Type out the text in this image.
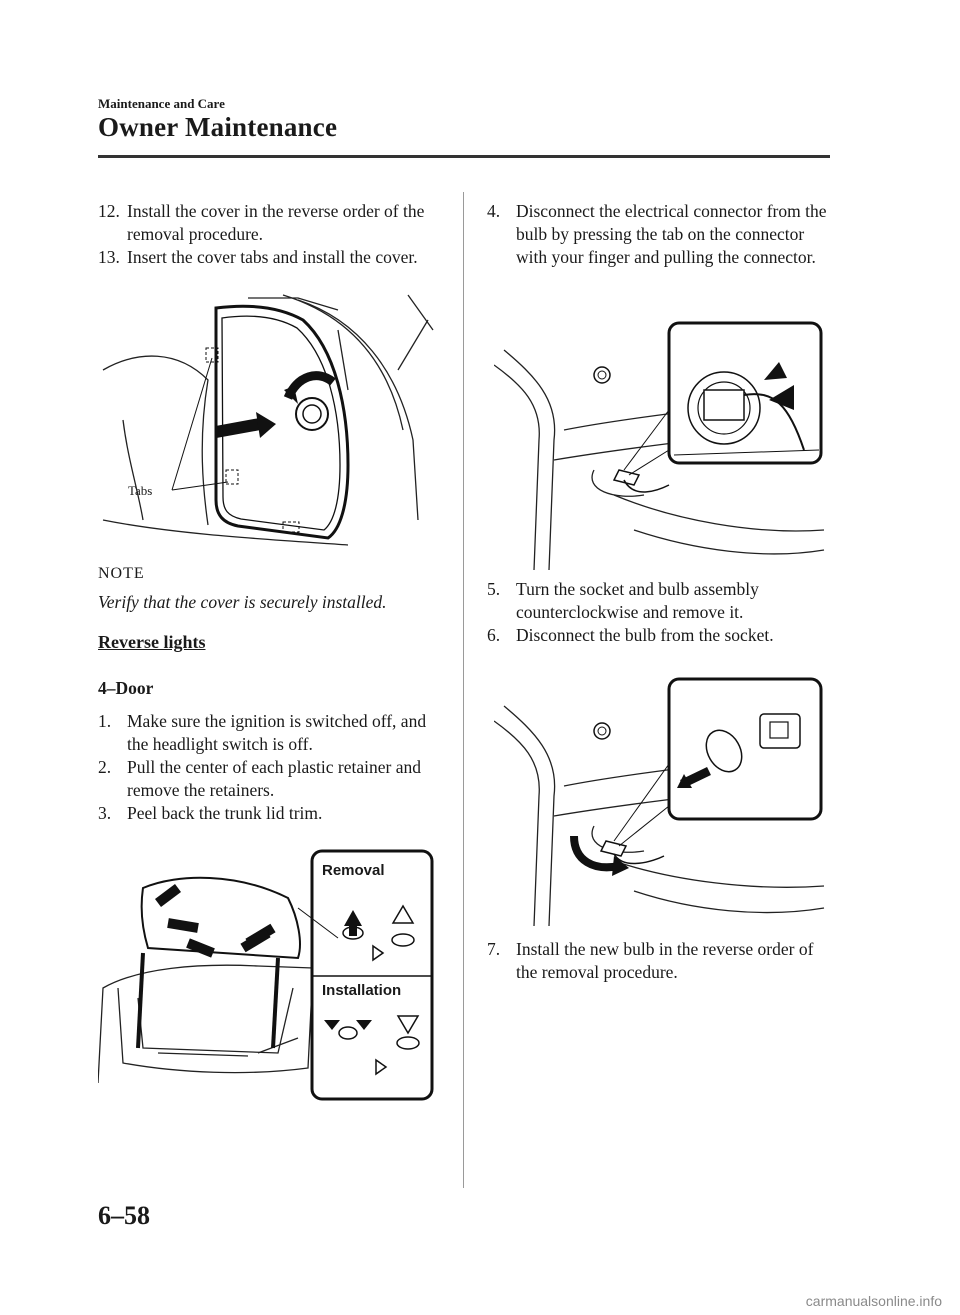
Maintenance and Care
Owner Maintenance

12. Install the cover in the reverse order of the removal procedure.

13. Insert the cover tabs and install the cover.

Tabs

NOTE

Verify that the cover is securely installed.

Reverse lights
4–Door

1. Make sure the ignition is switched off, and the headlight switch is off.

2. Pull the center of each plastic retainer and remove the retainers.

3. Peel back the trunk lid trim.

Removal
Installation

4. Disconnect the electrical connector from the bulb by pressing the tab on the connector with your finger and pulling the connector.

5. Turn the socket and bulb assembly counterclockwise and remove it.

6. Disconnect the bulb from the socket.

7. Install the new bulb in the reverse order of the removal procedure.

6–58
carmanualsonline.info
